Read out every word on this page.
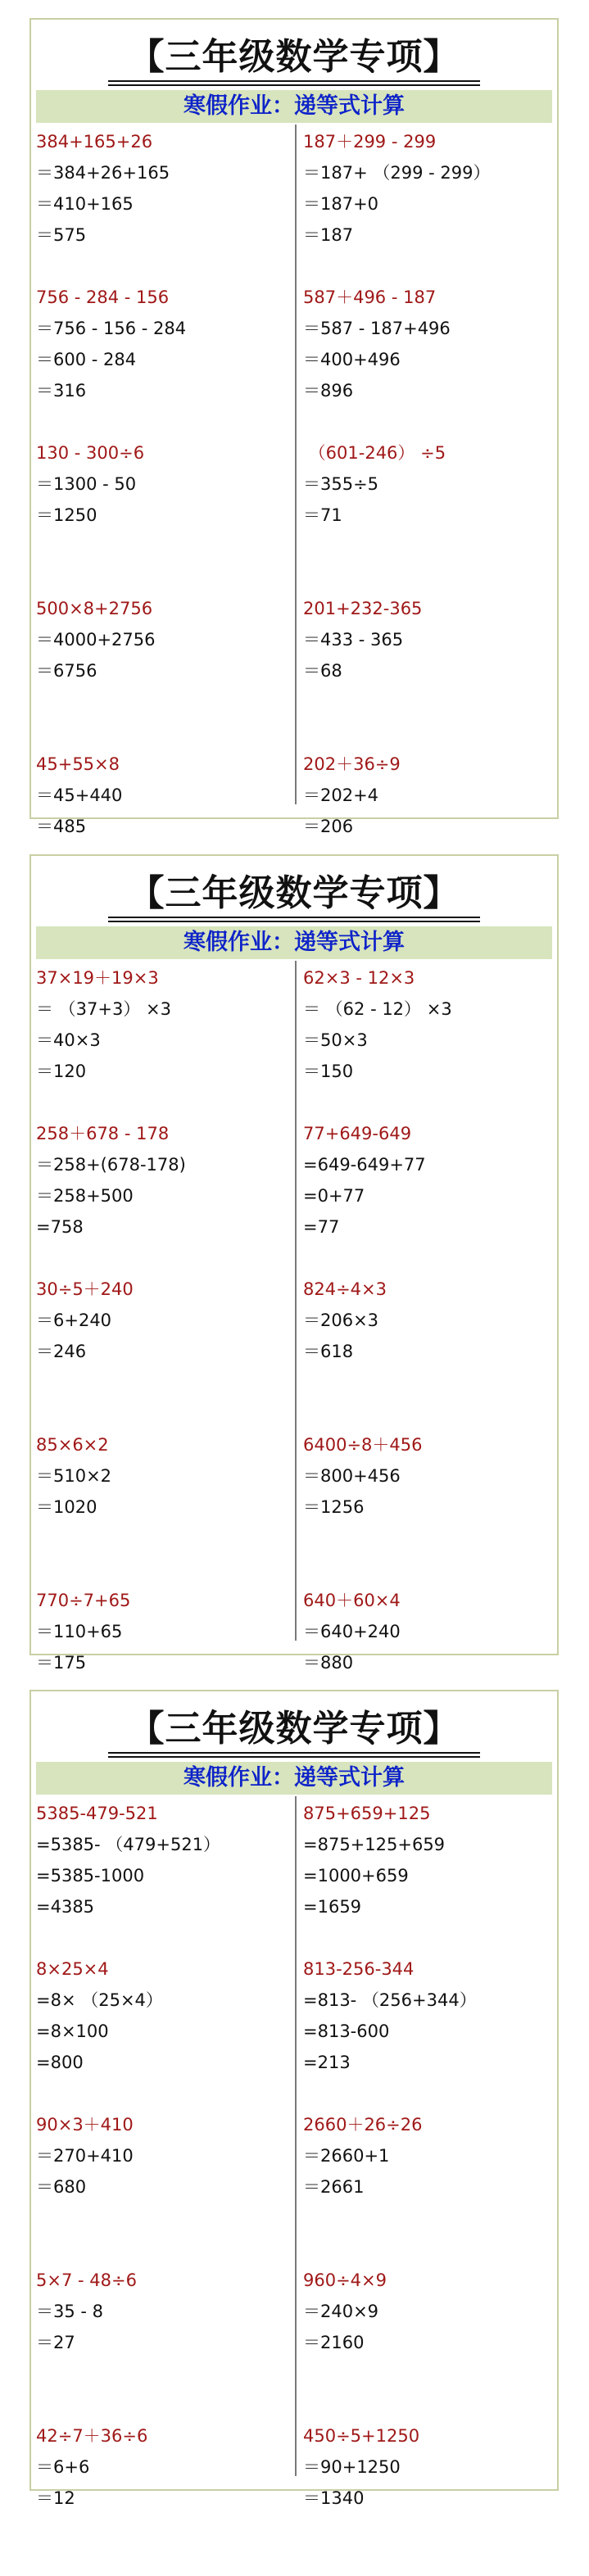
【三年级数学专项】
寒假作业：递等式计算
384+165+26
＝384+26+165
＝410+165
＝575
756 - 284 - 156
＝756 - 156 - 284
＝600 - 284
＝316
130 - 300÷6
＝1300 - 50
＝1250
500×8+2756
＝4000+2756
＝6756
45+55×8
＝45+440
＝485
187＋299 - 299
＝187+ （299 - 299）
＝187+0
＝187
587＋496 - 187
＝587 - 187+496
＝400+496
＝896
（601-246） ÷5
＝355÷5
＝71
201+232-365
＝433 - 365
＝68
202＋36÷9
＝202+4
＝206
【三年级数学专项】
寒假作业：递等式计算
37×19＋19×3
＝ （37+3） ×3
＝40×3
＝120
258＋678 - 178
＝258+(678-178)
＝258+500
=758
30÷5＋240
＝6+240
＝246
85×6×2
＝510×2
＝1020
770÷7+65
＝110+65
＝175
62×3 - 12×3
＝ （62 - 12） ×3
＝50×3
＝150
77+649-649
=649-649+77
=0+77
=77
824÷4×3
＝206×3
＝618
6400÷8＋456
＝800+456
＝1256
640＋60×4
＝640+240
＝880
【三年级数学专项】
寒假作业：递等式计算
5385-479-521
=5385- （479+521）
=5385-1000
=4385
8×25×4
=8× （25×4）
=8×100
=800
90×3＋410
＝270+410
＝680
5×7 - 48÷6
＝35 - 8
＝27
42÷7＋36÷6
＝6+6
＝12
875+659+125
=875+125+659
=1000+659
=1659
813-256-344
=813- （256+344）
=813-600
=213
2660＋26÷26
＝2660+1
＝2661
960÷4×9
＝240×9
＝2160
450÷5+1250
＝90+1250
＝1340
